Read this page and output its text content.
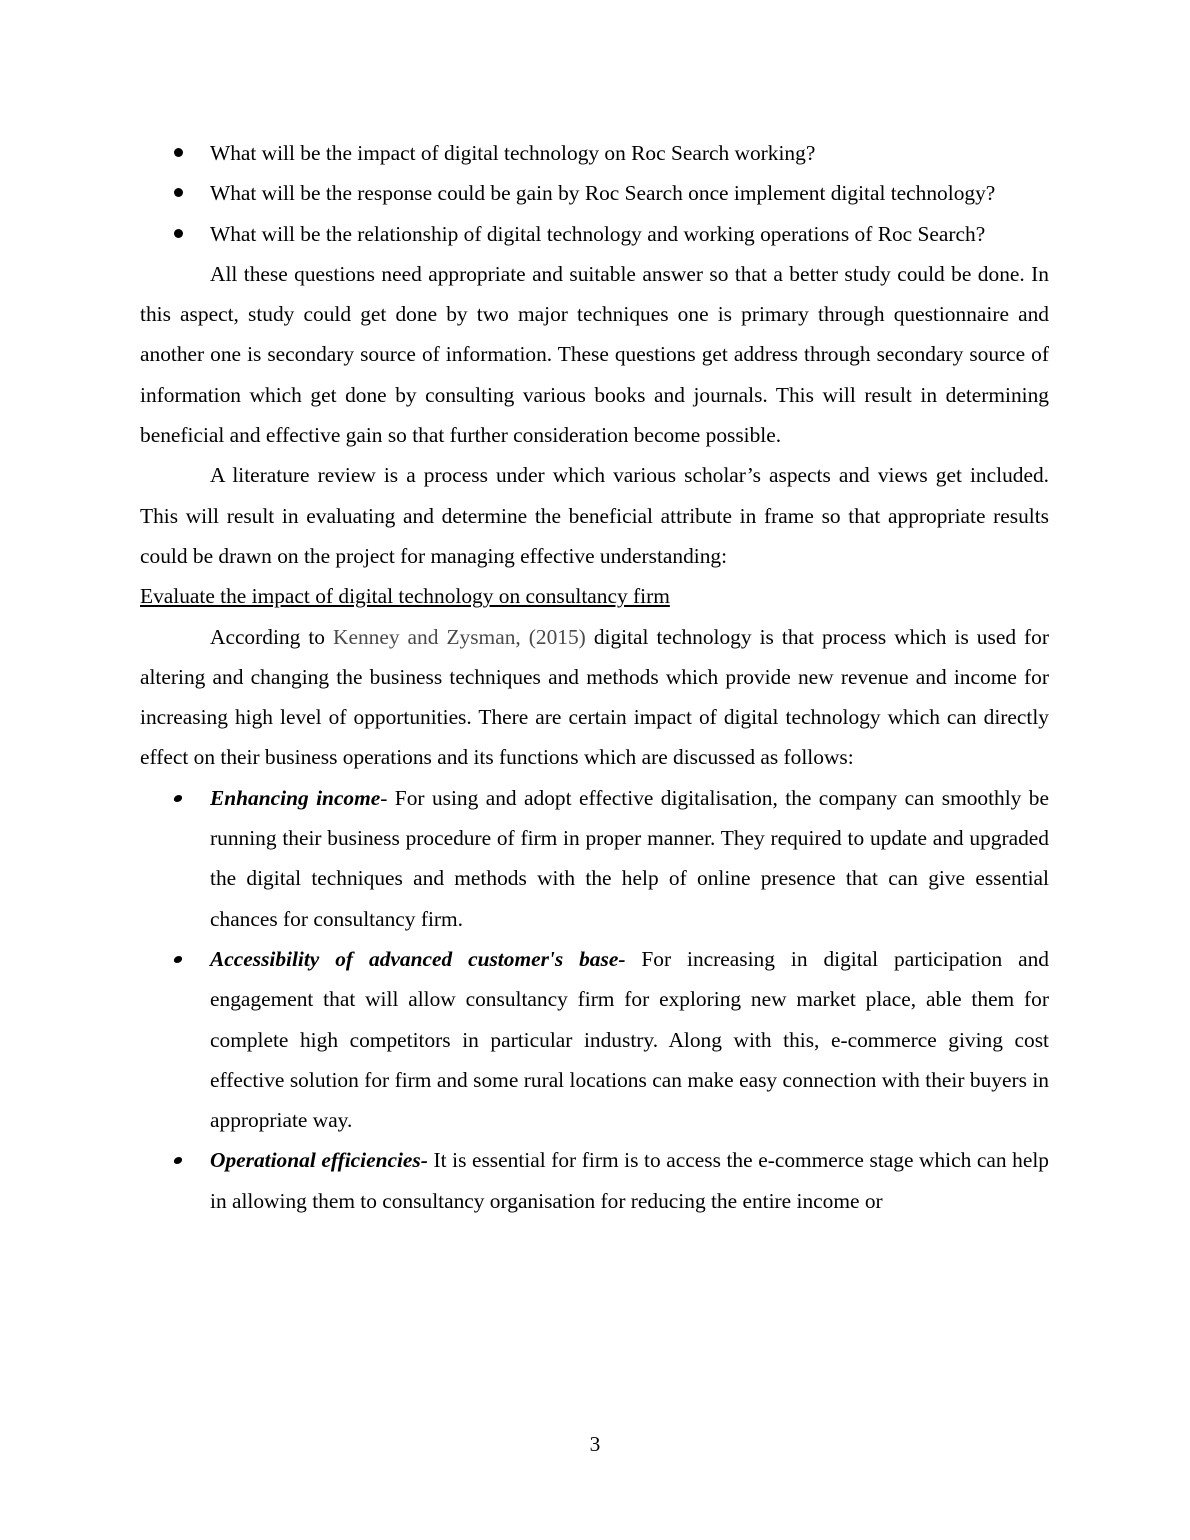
What will be the impact of digital technology on Roc Search working?
What will be the response could be gain by Roc Search once implement digital technology?
What will be the relationship of digital technology and working operations of Roc Search?

All these questions need appropriate and suitable answer so that a better study could be done. In this aspect, study could get done by two major techniques one is primary through questionnaire and another one is secondary source of information. These questions get address through secondary source of information which get done by consulting various books and journals. This will result in determining beneficial and effective gain so that further consideration become possible.

A literature review is a process under which various scholar’s aspects and views get included. This will result in evaluating and determine the beneficial attribute in frame so that appropriate results could be drawn on the project for managing effective understanding:

Evaluate the impact of digital technology on consultancy firm

According to Kenney and Zysman, (2015) digital technology is that process which is used for altering and changing the business techniques and methods which provide new revenue and income for increasing high level of opportunities. There are certain impact of digital technology which can directly effect on their business operations and its functions which are discussed as follows:

Enhancing income- For using and adopt effective digitalisation, the company can smoothly be running their business procedure of firm in proper manner. They required to update and upgraded the digital techniques and methods with the help of online presence that can give essential chances for consultancy firm.
Accessibility of advanced customer's base- For increasing in digital participation and engagement that will allow consultancy firm for exploring new market place, able them for complete high competitors in particular industry. Along with this, e-commerce giving cost effective solution for firm and some rural locations can make easy connection with their buyers in appropriate way.
Operational efficiencies- It is essential for firm is to access the e-commerce stage which can help in allowing them to consultancy organisation for reducing the entire income or
3
